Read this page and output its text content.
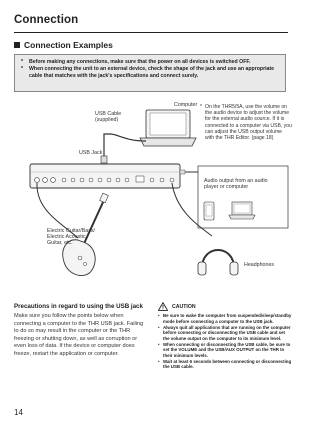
Connection
Connection Examples
*	Before making any connections, make sure that the power on all devices is switched OFF.
*	When connecting the unit to an external device, check the shape of the jack and use an appropriate cable that matches with the jack's specifications and connect surely.
Computer
USB Cable
(supplied)
USB Jack
* On the THR5/5A, use the volume on the audio device to adjust the volume for the external audio source. If it is connected to a computer via USB, you can adjust the USB output volume with the THR Editor. (page 18)
Audio output from an audio
player or computer
Electric Guitar/Bass/
Electric Acoustic
Guitar, etc.
Headphones
Precautions in regard to using the USB jack
Make sure you follow the points below when connecting a computer to the THR USB jack. Failing to do so may result in the computer or the THR freezing or shutting down, as well as corruption or even loss of data. If the device or computer does freeze, restart the application or computer.
CAUTION
• Be sure to wake the computer from suspended/sleep/standby mode before connecting a computer to the USB jack.
• Always quit all applications that are running on the computer before connecting or disconnecting the USB cable and set the volume output on the computer to its minimum level.
• When connecting or disconnecting the USB cable, be sure to set the VOLUME and the USB/AUX OUTPUT on the THR to their minimum levels.
• Wait at least 6 seconds between connecting or disconnecting the USB cable.
14
